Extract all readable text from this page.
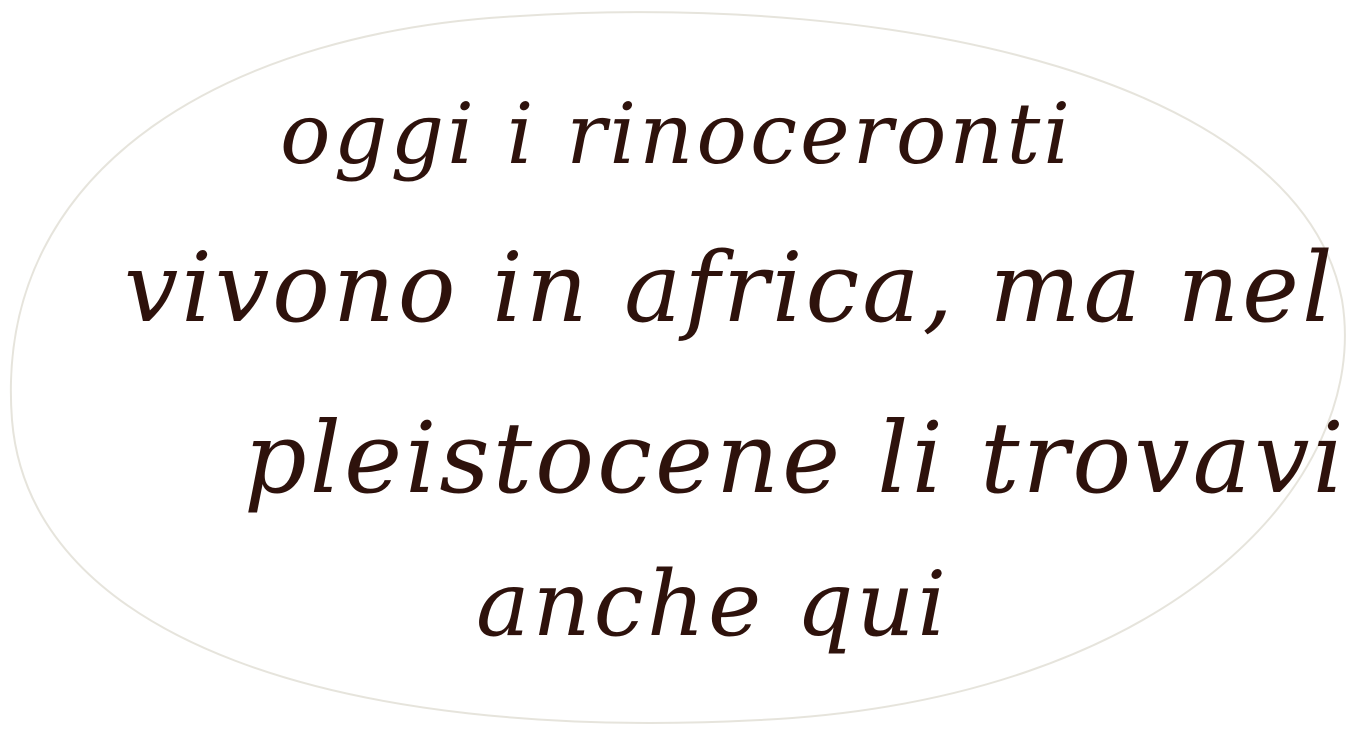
oggi i rinoceronti
vivono in africa, ma nel
pleistocene li trovavi
anche qui
